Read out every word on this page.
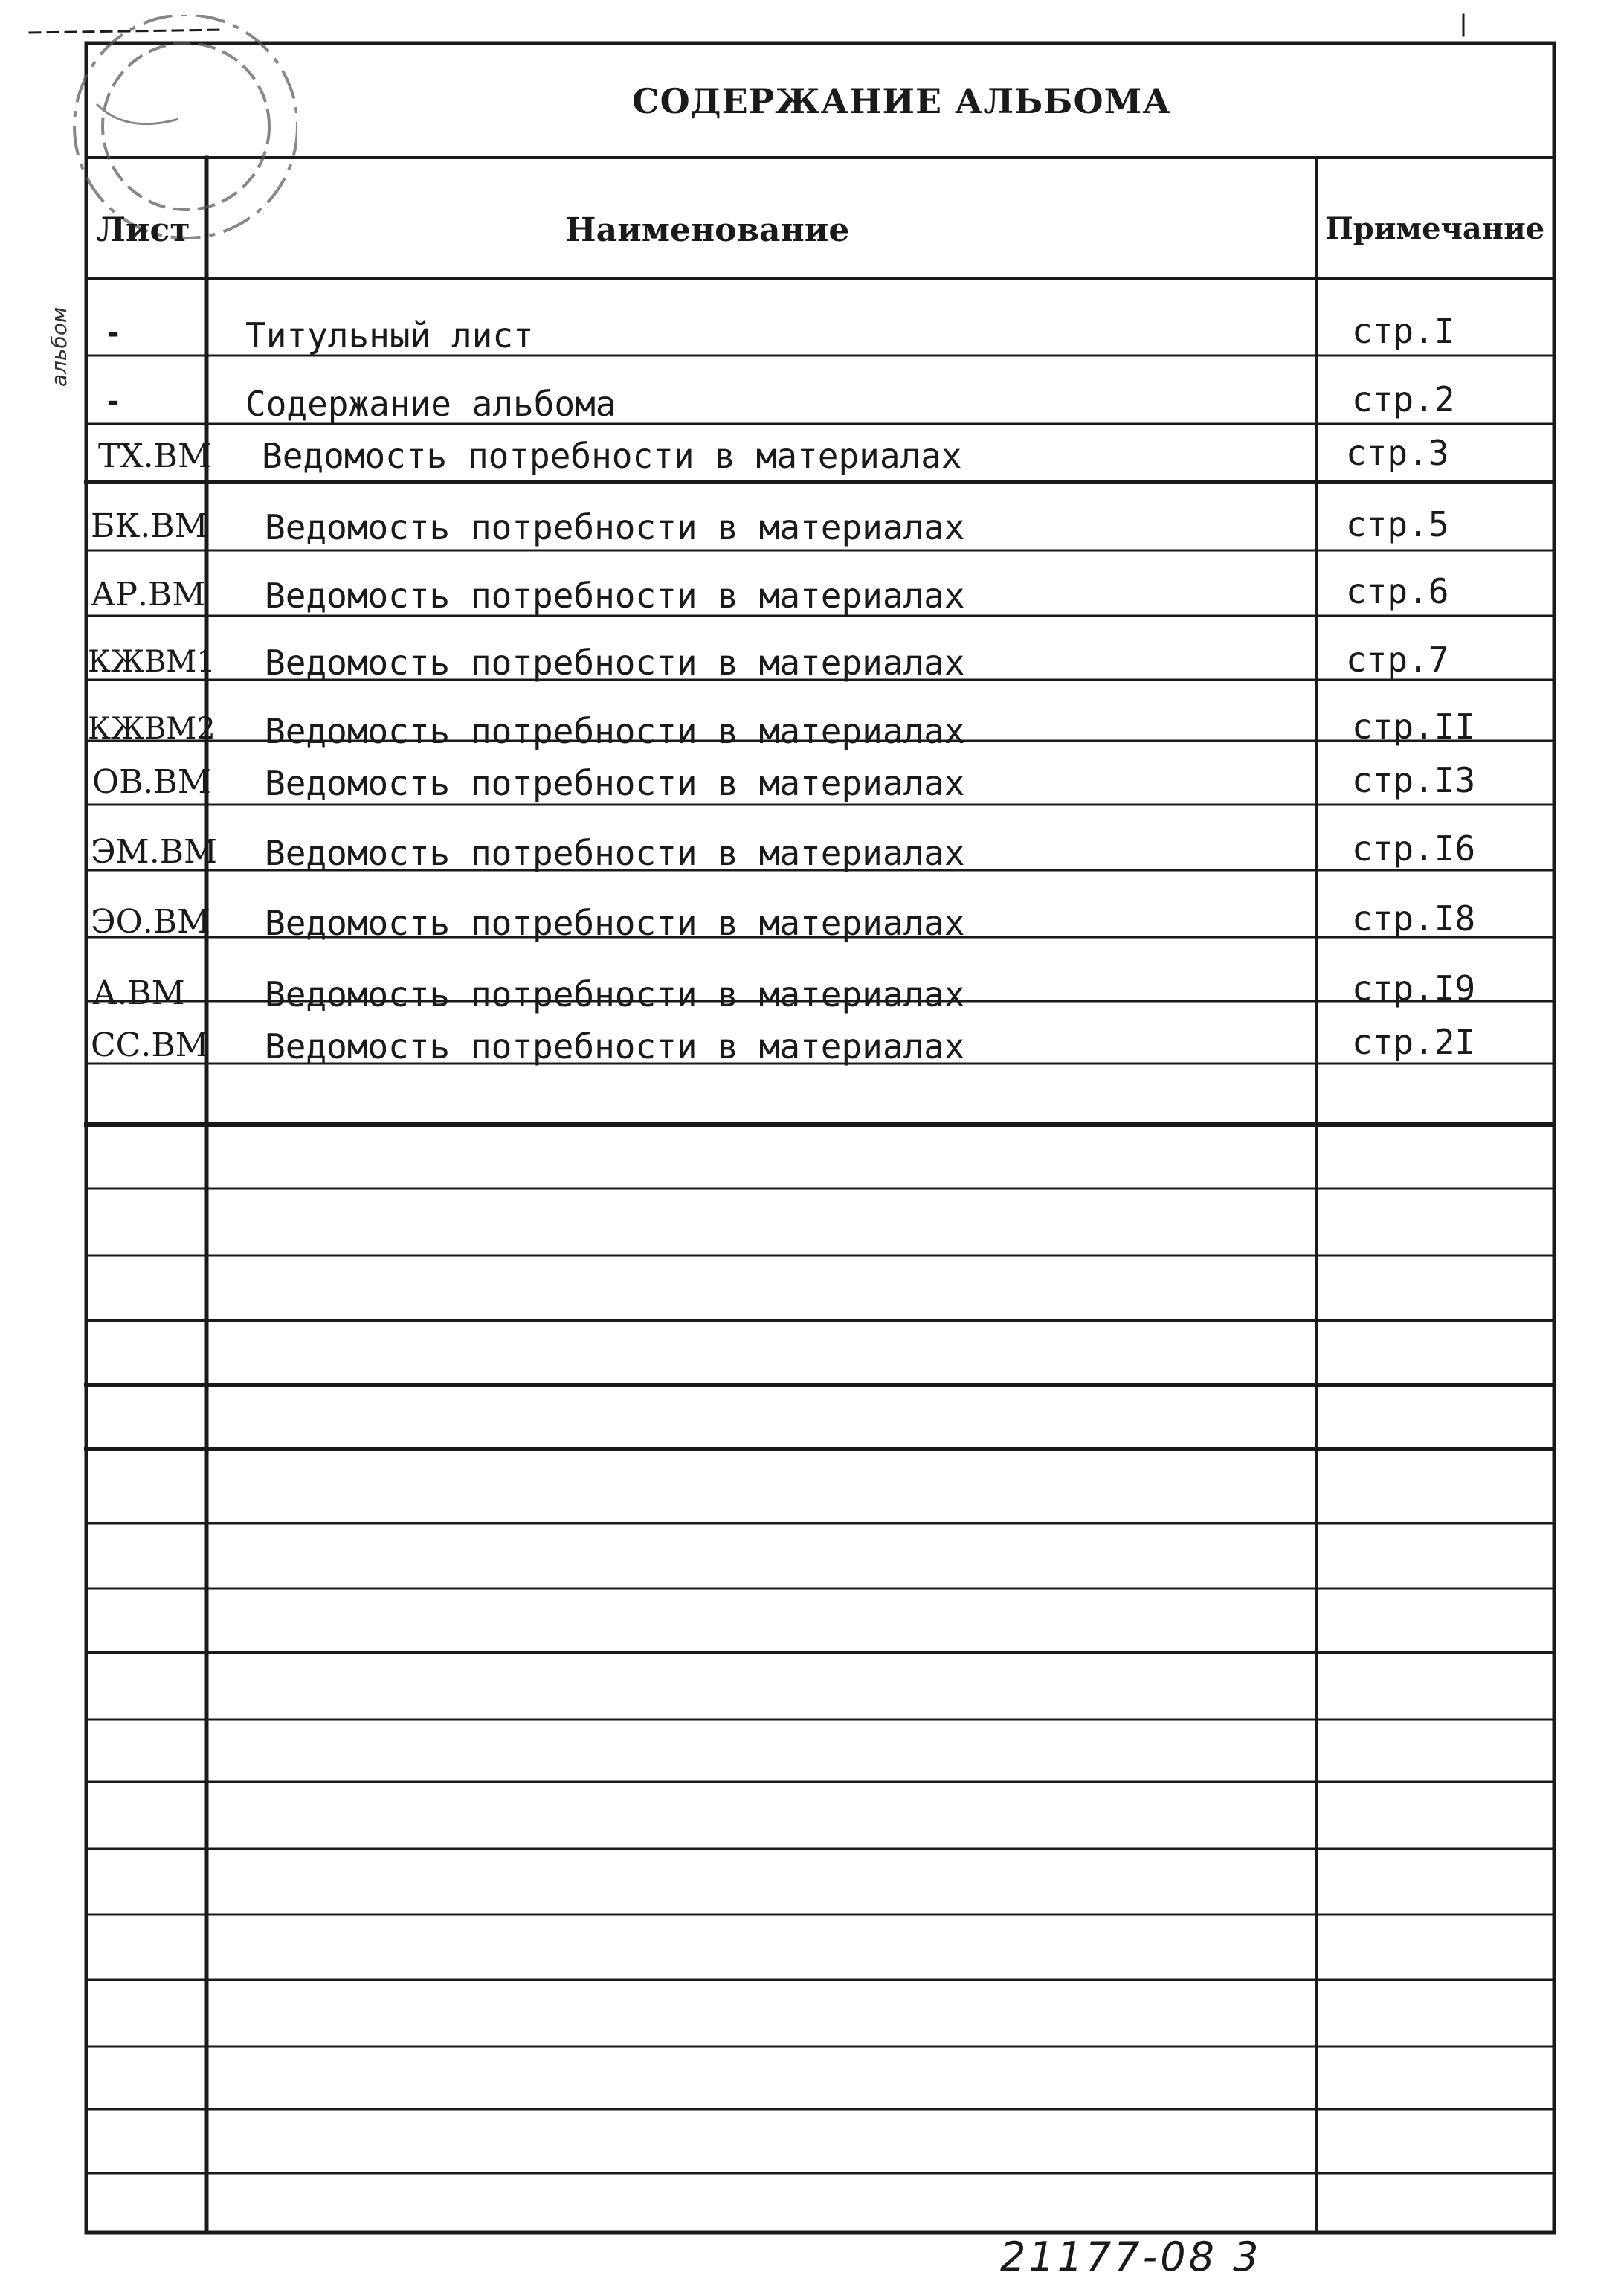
СОДЕРЖАНИЕ АЛЬБОМА
Лист	Наименование	Примечание
-	Титульный лист	стр.I
-	Содержание альбома	стр.2
ТХ.ВМ Ведомость потребности в материалах	стр.3
БК.ВМ Ведомость потребности в материалах	стр.5
АР.ВМ Ведомость потребности в материалах	стр.6
КЖВМ1 Ведомость потребности в материалах	стр.7
КЖВМ2 Ведомость потребности в материалах	стр.II
ОВ.ВМ Ведомость потребности в материалах	стр.I3
ЭМ.ВМ Ведомость потребности в материалах	стр.I6
ЭО.ВМ Ведомость потребности в материалах	стр.I8
А.ВМ Ведомость потребности в материалах	стр.I9
СС.ВМ Ведомость потребности в материалах	стр.2I
21177-08 3
альбом
